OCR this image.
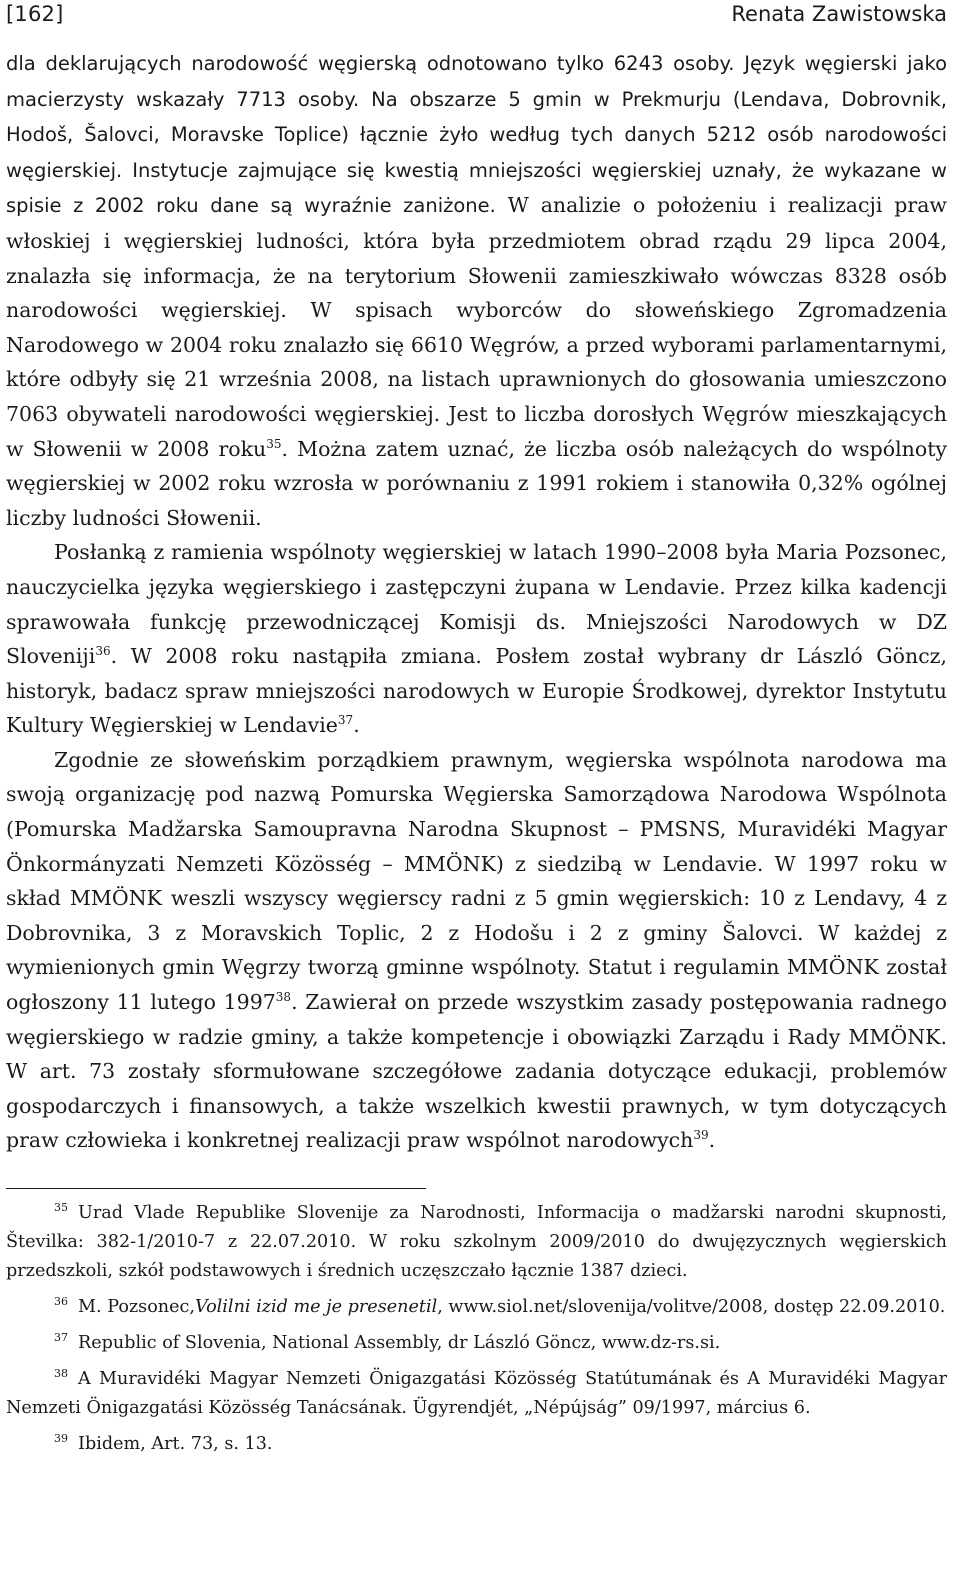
[162]	Renata Zawistowska

dla deklarujących narodowość węgierską odnotowano tylko 6243 osoby. Język węgierski jako macierzysty wskazały 7713 osoby. Na obszarze 5 gmin w Prekmurju (Lendava, Dobrovnik, Hodoš, Šalovci, Moravske Toplice) łącznie żyło według tych danych 5212 osób narodowości węgierskiej. Instytucje zajmujące się kwestią mniejszości węgierskiej uznały, że wykazane w spisie z 2002 roku dane są wyraźnie zaniżone. W analizie o położeniu i realizacji praw włoskiej i węgierskiej ludności, która była przedmiotem obrad rządu 29 lipca 2004, znalazła się informacja, że na terytorium Słowenii zamieszkiwało wówczas 8328 osób narodowości węgierskiej. W spisach wyborców do słoweńskiego Zgromadzenia Narodowego w 2004 roku znalazło się 6610 Węgrów, a przed wyborami parlamentarnymi, które odbyły się 21 września 2008, na listach uprawnionych do głosowania umieszczono 7063 obywateli narodowości węgierskiej. Jest to liczba dorosłych Węgrów mieszkających w Słowenii w 2008 roku$^{35}$. Można zatem uznać, że liczba osób należących do wspólnoty węgierskiej w 2002 roku wzrosła w porównaniu z 1991 rokiem i stanowiła 0,32% ogólnej liczby ludności Słowenii.

Posłanką z ramienia wspólnoty węgierskiej w latach 1990–2008 była Maria Pozsonec, nauczycielka języka węgierskiego i zastępczyni żupana w Lendavie. Przez kilka kadencji sprawowała funkcję przewodniczącej Komisji ds. Mniejszości Narodowych w DZ Sloveniji$^{36}$. W 2008 roku nastąpiła zmiana. Posłem został wybrany dr László Göncz, historyk, badacz spraw mniejszości narodowych w Europie Środkowej, dyrektor Instytutu Kultury Węgierskiej w Lendavie$^{37}$.

Zgodnie ze słoweńskim porządkiem prawnym, węgierska wspólnota narodowa ma swoją organizację pod nazwą Pomurska Węgierska Samorządowa Narodowa Wspólnota (Pomurska Madžarska Samoupravna Narodna Skupnost – PMSNS, Muravidéki Magyar Önkormányzati Nemzeti Közösség – MMÖNK) z siedzibą w Lendavie. W 1997 roku w skład MMÖNK weszli wszyscy węgierscy radni z 5 gmin węgierskich: 10 z Lendavy, 4 z Dobrovnika, 3 z Moravskich Toplic, 2 z Hodošu i 2 z gminy Šalovci. W każdej z wymienionych gmin Węgrzy tworzą gminne wspólnoty. Statut i regulamin MMÖNK został ogłoszony 11 lutego 1997$^{38}$. Zawierał on przede wszystkim zasady postępowania radnego węgierskiego w radzie gminy, a także kompetencje i obowiązki Zarządu i Rady MMÖNK. W art. 73 zostały sformułowane szczegółowe zadania dotyczące edukacji, problemów gospodarczych i finansowych, a także wszelkich kwestii prawnych, w tym dotyczących praw człowieka i konkretnej realizacji praw wspólnot narodowych$^{39}$.

$^{35}$ Urad Vlade Republike Slovenije za Narodnosti, Informacija o madžarski narodni skupnosti, Številka: 382-1/2010-7 z 22.07.2010. W roku szkolnym 2009/2010 do dwujęzycznych węgierskich przedszkoli, szkół podstawowych i średnich uczęszczało łącznie 1387 dzieci.

$^{36}$ M. Pozsonec,Volilni izid me je presenetil, www.siol.net/slovenija/volitve/2008, dostęp 22.09.2010.

$^{37}$ Republic of Slovenia, National Assembly, dr László Göncz, www.dz-rs.si.

$^{38}$ A Muravidéki Magyar Nemzeti Önigazgatási Közösség Statútumának és A Muravidéki Magyar Nemzeti Önigazgatási Közösség Tanácsának. Ügyrendjét, „Népújság” 09/1997, március 6.

$^{39}$ Ibidem, Art. 73, s. 13.
